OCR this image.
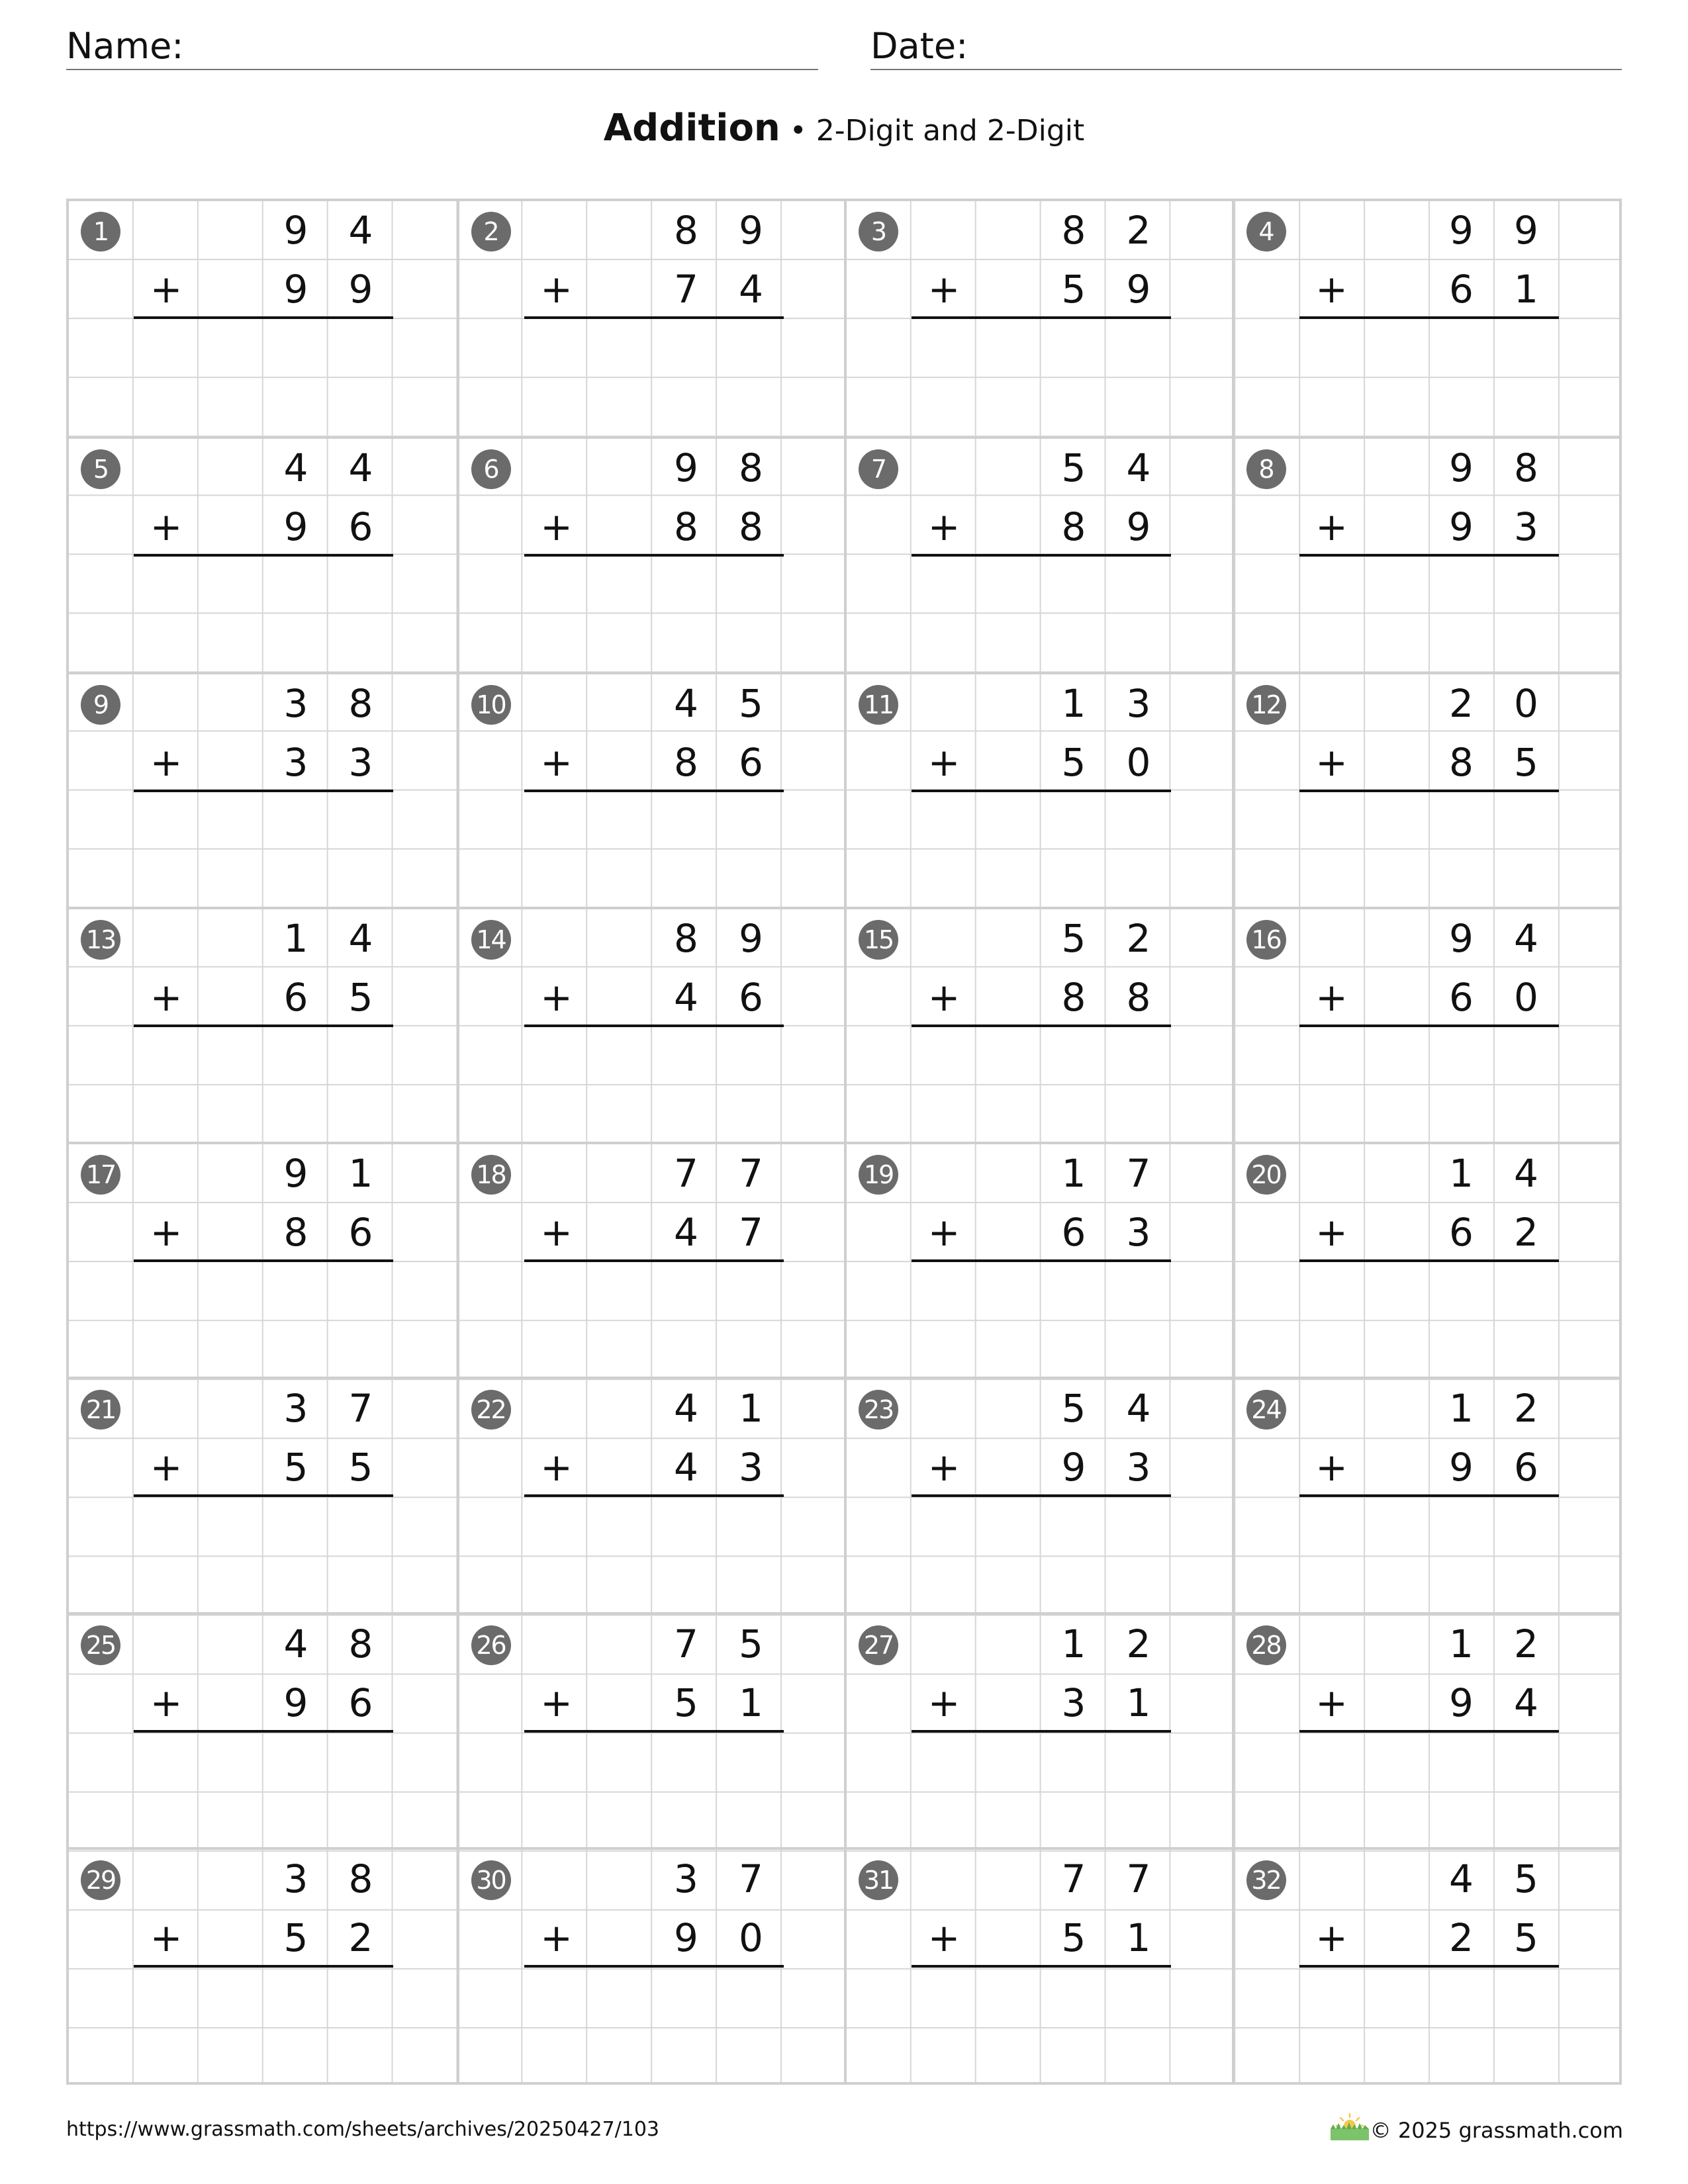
Name:	Date:
Addition • 2-Digit and 2-Digit
1	9	4
+	9	9
2	8	9
+	7	4
3	8	2
+	5	9
4	9	9
+	6	1
5	4	4
+	9	6
6	9	8
+	8	8
7	5	4
+	8	9
8	9	8
+	9	3
9	3	8
+	3	3
10	4	5
+	8	6
11	1	3
+	5	0
12	2	0
+	8	5
13	1	4
+	6	5
14	8	9
+	4	6
15	5	2
+	8	8
16	9	4
+	6	0
17	9	1
+	8	6
18	7	7
+	4	7
19	1	7
+	6	3
20	1	4
+	6	2
21	3	7
+	5	5
22	4	1
+	4	3
23	5	4
+	9	3
24	1	2
+	9	6
25	4	8
+	9	6
26	7	5
+	5	1
27	1	2
+	3	1
28	1	2
+	9	4
29	3	8
+	5	2
30	3	7
+	9	0
31	7	7
+	5	1
32	4	5
+	2	5
https://www.grassmath.com/sheets/archives/20250427/103	© 2025 grassmath.com
